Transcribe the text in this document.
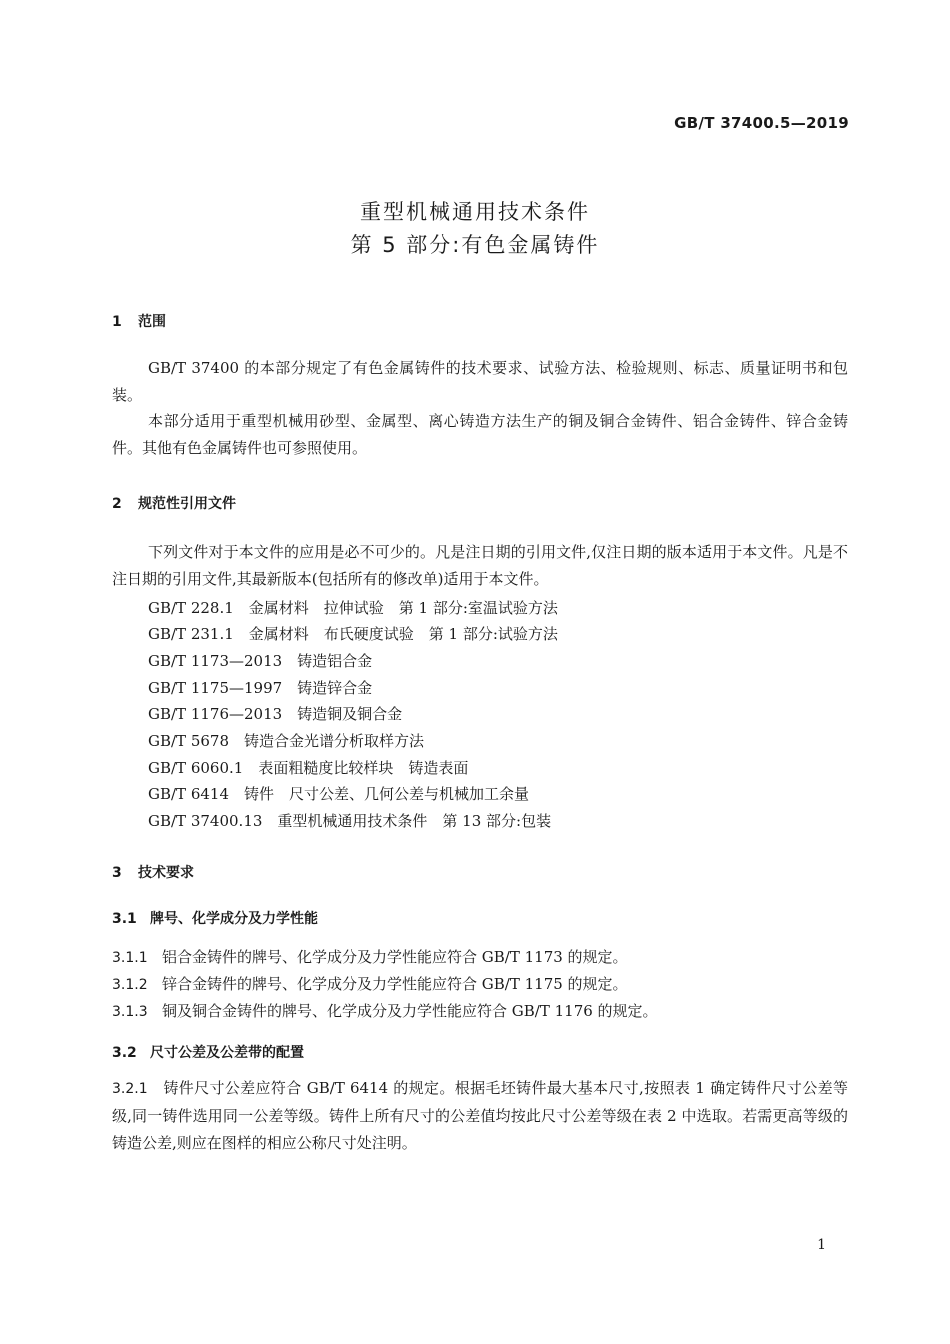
GB/T 37400.5—2019
重型机械通用技术条件
第 5 部分:有色金属铸件
1 范围

GB/T 37400 的本部分规定了有色金属铸件的技术要求、试验方法、检验规则、标志、质量证明书和包装。

本部分适用于重型机械用砂型、金属型、离心铸造方法生产的铜及铜合金铸件、铝合金铸件、锌合金铸件。其他有色金属铸件也可参照使用。

2 规范性引用文件

下列文件对于本文件的应用是必不可少的。凡是注日期的引用文件,仅注日期的版本适用于本文件。凡是不注日期的引用文件,其最新版本(包括所有的修改单)适用于本文件。

GB/T 228.1　金属材料　拉伸试验　第 1 部分:室温试验方法
GB/T 231.1　金属材料　布氏硬度试验　第 1 部分:试验方法
GB/T 1173—2013　铸造铝合金
GB/T 1175—1997　铸造锌合金
GB/T 1176—2013　铸造铜及铜合金
GB/T 5678　铸造合金光谱分析取样方法
GB/T 6060.1　表面粗糙度比较样块　铸造表面
GB/T 6414　铸件　尺寸公差、几何公差与机械加工余量
GB/T 37400.13　重型机械通用技术条件　第 13 部分:包装
3 技术要求
3.1 牌号、化学成分及力学性能
3.1.1 铝合金铸件的牌号、化学成分及力学性能应符合 GB/T 1173 的规定。
3.1.2 锌合金铸件的牌号、化学成分及力学性能应符合 GB/T 1175 的规定。
3.1.3 铜及铜合金铸件的牌号、化学成分及力学性能应符合 GB/T 1176 的规定。
3.2 尺寸公差及公差带的配置

3.2.1　 铸件尺寸公差应符合 GB/T 6414 的规定。根据毛坯铸件最大基本尺寸,按照表 1 确定铸件尺寸公差等级,同一铸件选用同一公差等级。铸件上所有尺寸的公差值均按此尺寸公差等级在表 2 中选取。若需更高等级的铸造公差,则应在图样的相应公称尺寸处注明。

1
